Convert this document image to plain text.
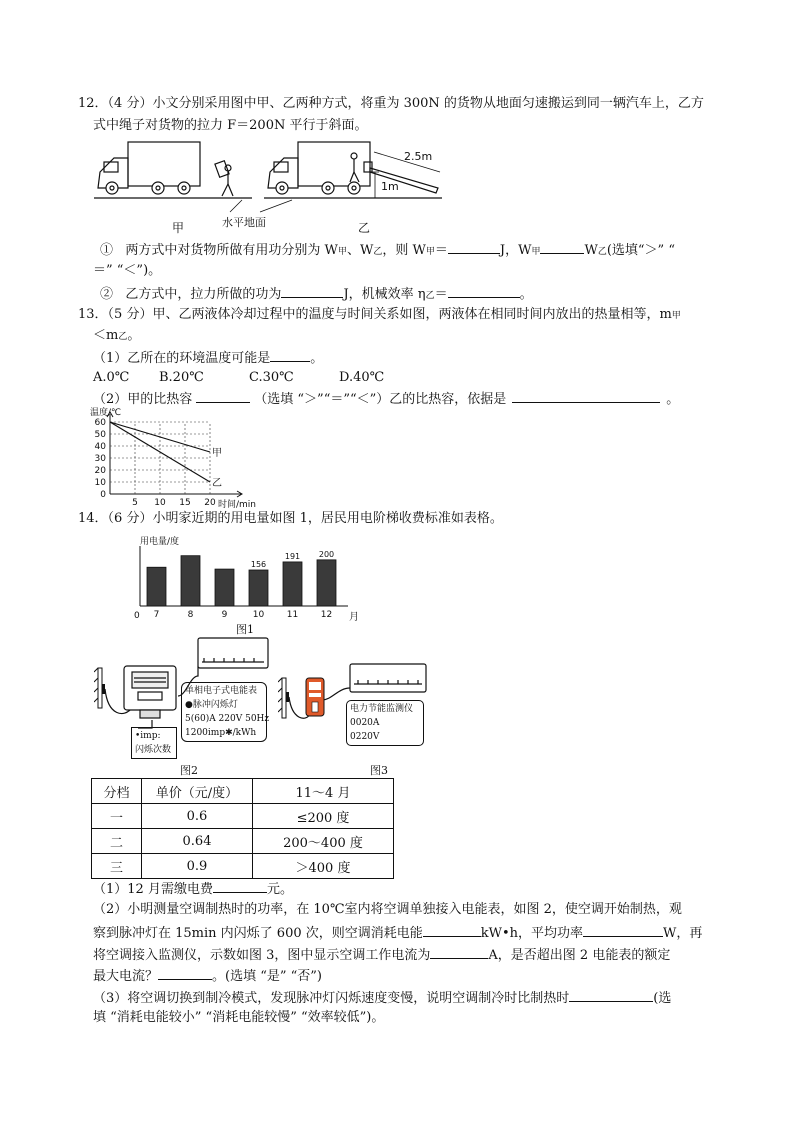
12．（4 分）小文分别采用图中甲、乙两种方式，将重为 300N 的货物从地面匀速搬运到同一辆汽车上，乙方
式中绳子对货物的拉力 F＝200N 平行于斜面。
2.5m
1m
水平地面
甲	乙
① 两方式中对货物所做有用功分别为 W甲、W乙，则 W甲＝	J，W甲	W乙(选填“＞” “
＝” “＜”)。
② 乙方式中，拉力所做的功为	J，机械效率 η乙＝	。
13．（5 分）甲、乙两液体冷却过程中的温度与时间关系如图，两液体在相同时间内放出的热量相等，m甲
＜m乙。
（1）乙所在的环境温度可能是	。
A.0℃ B.20℃	C.30℃	D.40℃
（2）甲的比热容	（选填 “＞”“＝”“＜”）乙的比热容，依据是	。
温度/℃
时间/min
0
10
20
30
40
50
60
5 10 15 20
甲
乙
14．（6 分）小明家近期的用电量如图 1，居民用电阶梯收费标准如表格。
用电量/度
月
0 7	8	9	10
156
11
191
12
200
图1
单相电子式电能表
●脉冲闪烁灯
5(60)A 220V 50Hz
1200imp✱/kWh
•imp:
闪烁次数
图2
电力节能监测仪
0020A
0220V
图3
分档	单价（元/度）	11～4 月
一	0.6	≤200 度
二	0.64	200～400 度
三	0.9	＞400 度
（1）12 月需缴电费	元。
（2）小明测量空调制热时的功率，在 10℃室内将空调单独接入电能表，如图 2，使空调开始制热，观
察到脉冲灯在 15min 内闪烁了 600 次，则空调消耗电能	kW•h，平均功率	W，再
将空调接入监测仪，示数如图 3，图中显示空调工作电流为	A，是否超出图 2 电能表的额定
最大电流？	。(选填 “是” “否”)
（3）将空调切换到制冷模式，发现脉冲灯闪烁速度变慢，说明空调制冷时比制热时	(选
填 “消耗电能较小” “消耗电能较慢” “效率较低”)。
